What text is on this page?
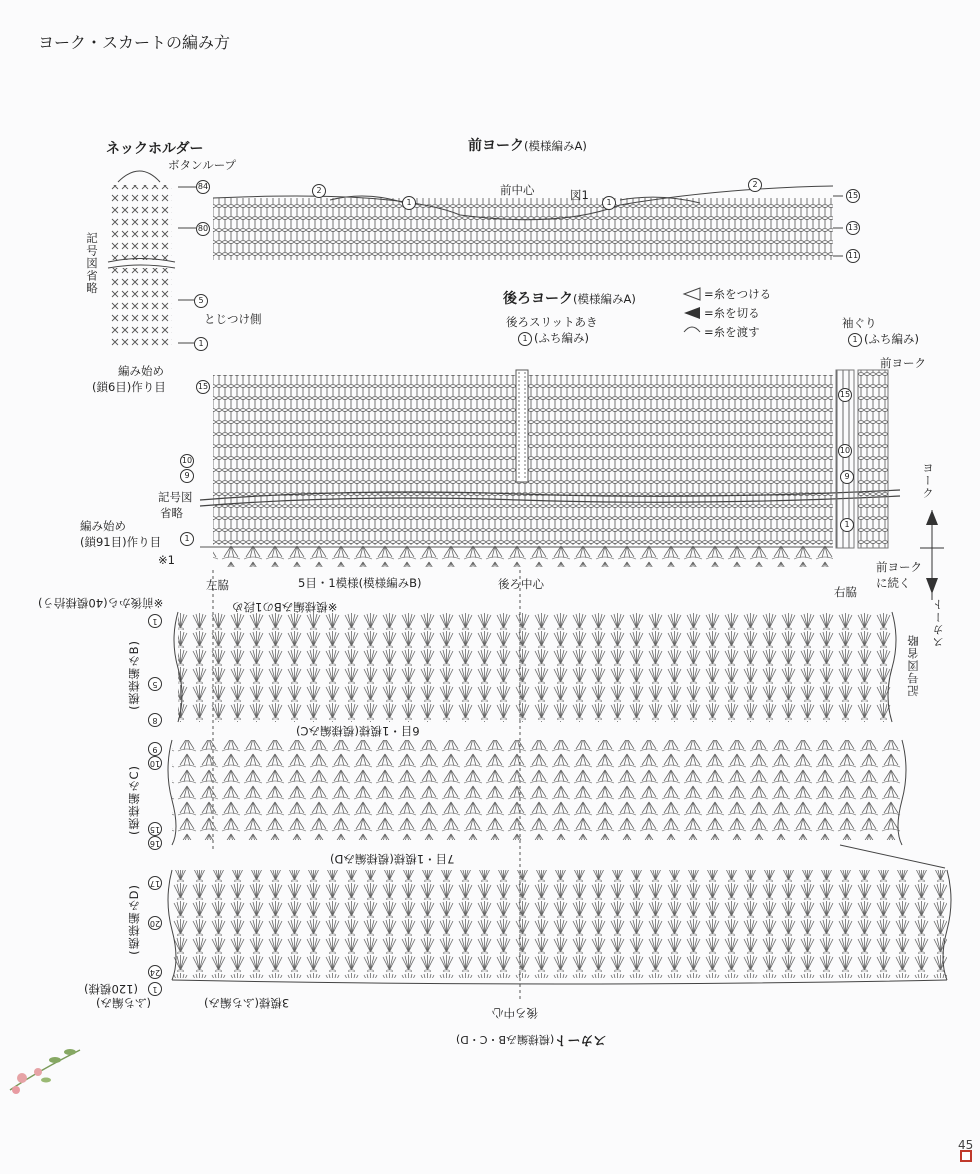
ヨーク・スカートの編み方
ネックホルダー
ボタンループ
記号図省略
84
80
5
1
とじつけ側
編み始め
(鎖6目)作り目
前ヨーク(模様編みA)
前中心	図1
2
1	1
2
15
13
11
後ろヨーク(模様編みA)
後ろスリットあき
1 (ふち編み)
袖ぐり
1 (ふち編み)
前ヨーク
15
15
10
10
9	9
1
1
記号図
省略
編み始め
(鎖91目)作り目
※1
左脇	5目・1模様(模様編みB)	後ろ中心
右脇
前ヨーク
に続く
ヨーク
スカート
=糸をつける
=糸を切る
=糸を渡す
※前後から(40模様拾う)	※模様編みBの1段め
(模様編みB)
(模様編みC)
(模様編みD)
記号図省略
6目・1模様(模様編みC)
7目・1模様(模様編みD)
1
5
8
9
10
15
16
17
20
24
1
(120模様)
(ふち編み)	3模様(ふち編み)
後ろ中心
スカート(模様編みB・C・D)
45
